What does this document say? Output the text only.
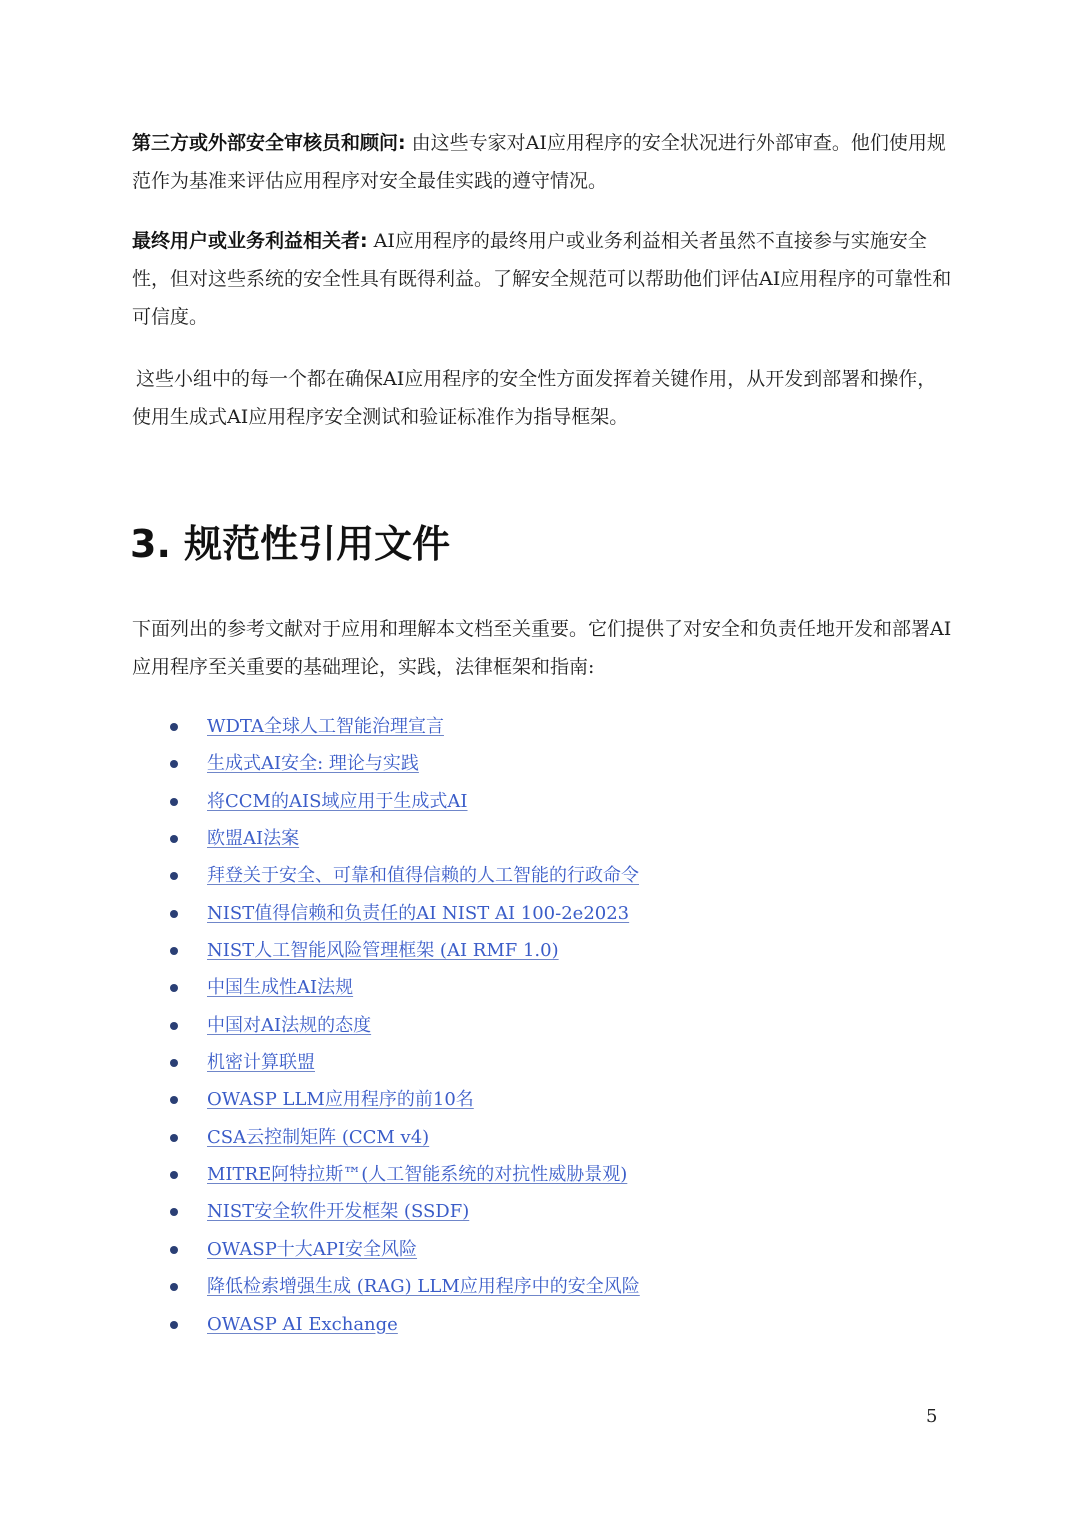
第三方或外部安全审核员和顾问: 由这些专家对AI应用程序的安全状况进行外部审查。他们使用规范作为基准来评估应用程序对安全最佳实践的遵守情况。

最终用户或业务利益相关者: AI应用程序的最终用户或业务利益相关者虽然不直接参与实施安全性，但对这些系统的安全性具有既得利益。了解安全规范可以帮助他们评估AI应用程序的可靠性和可信度。

这些小组中的每一个都在确保AI应用程序的安全性方面发挥着关键作用，从开发到部署和操作，使用生成式AI应用程序安全测试和验证标准作为指导框架。

3. 规范性引用文件

下面列出的参考文献对于应用和理解本文档至关重要。它们提供了对安全和负责任地开发和部署AI应用程序至关重要的基础理论，实践，法律框架和指南:

WDTA全球人工智能治理宣言
生成式AI安全: 理论与实践
将CCM的AIS域应用于生成式AI
欧盟AI法案
拜登关于安全、可靠和值得信赖的人工智能的行政命令
NIST值得信赖和负责任的AI NIST AI 100-2e2023
NIST人工智能风险管理框架 (AI RMF 1.0)
中国生成性AI法规
中国对AI法规的态度
机密计算联盟
OWASP LLM应用程序的前10名
CSA云控制矩阵 (CCM v4)
MITRE阿特拉斯™(人工智能系统的对抗性威胁景观)
NIST安全软件开发框架 (SSDF)
OWASP十大API安全风险
降低检索增强生成 (RAG) LLM应用程序中的安全风险
OWASP AI Exchange
5
